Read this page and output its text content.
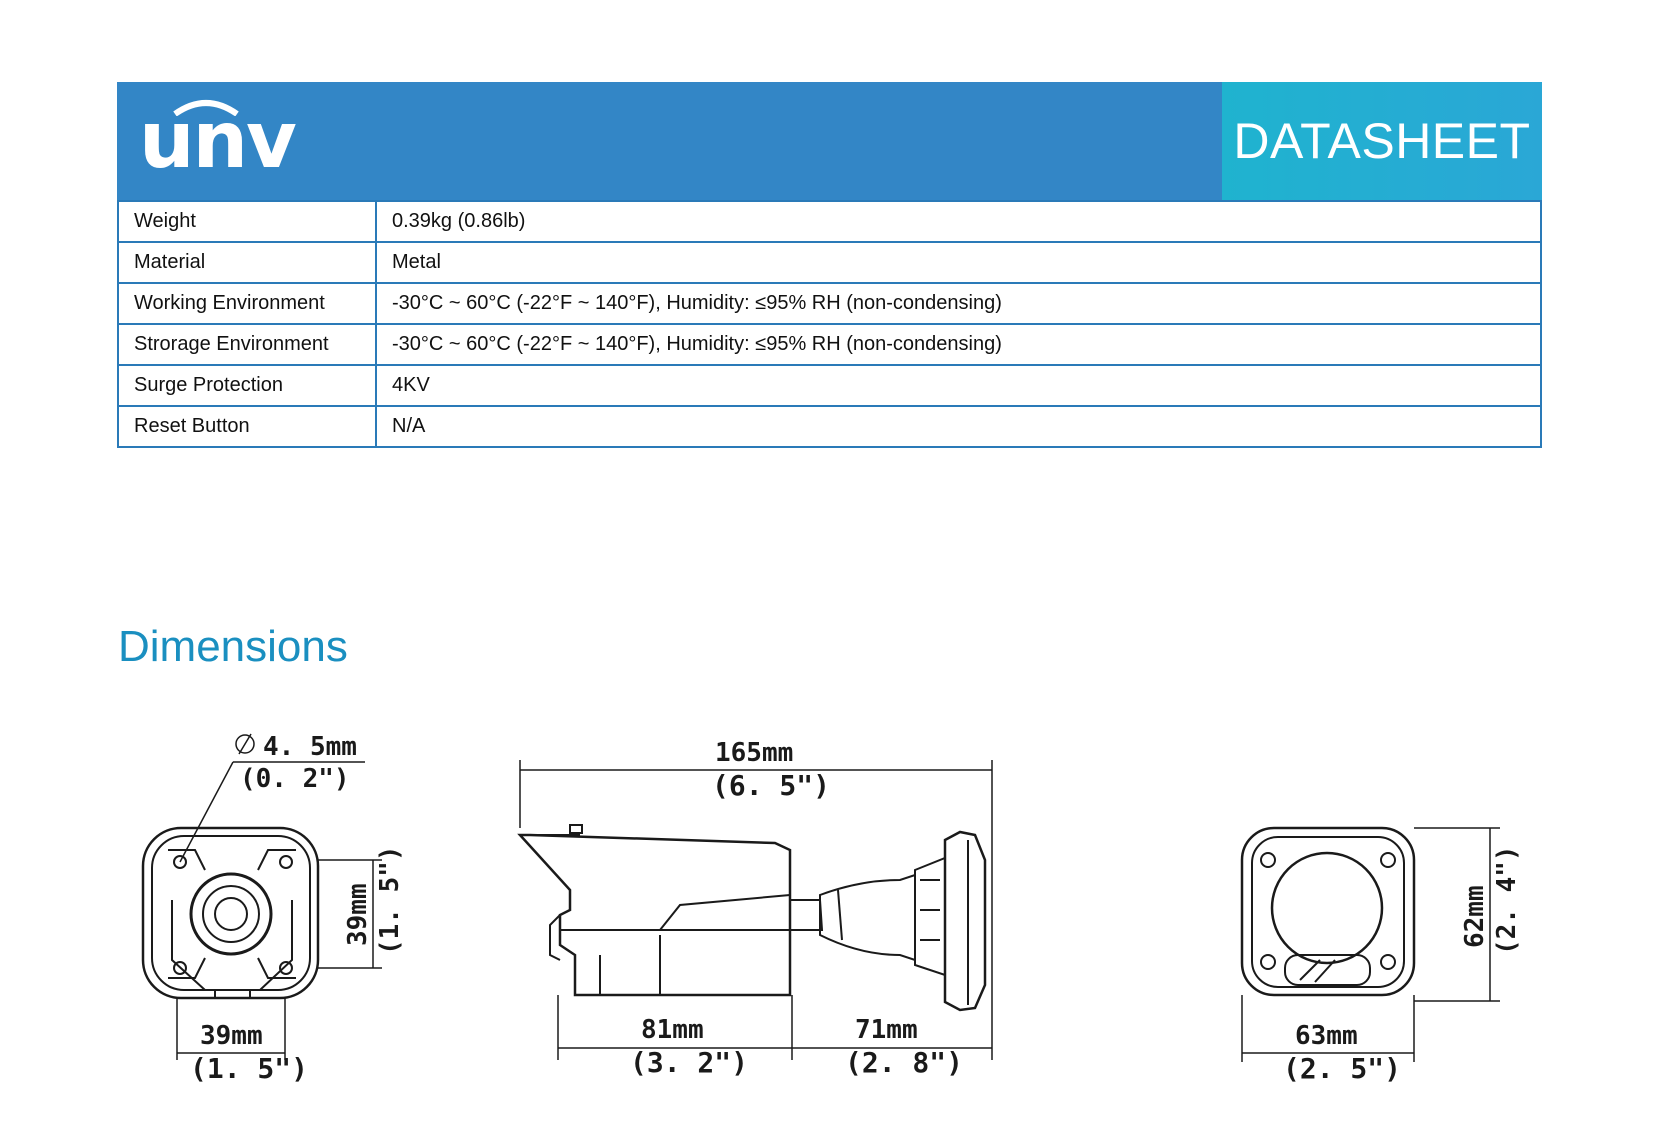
unv	DATASHEET
Weight	0.39kg (0.86lb)
Material	Metal
Working Environment	-30°C ~ 60°C (-22°F ~ 140°F), Humidity: ≤95% RH (non-condensing)
Strorage Environment	-30°C ~ 60°C (-22°F ~ 140°F), Humidity: ≤95% RH (non-condensing)
Surge Protection	4KV
Reset Button	N/A
Dimensions
4. 5mm
(0. 2")
39mm
(1. 5")
39mm (1. 5")
165mm
(6. 5")
81mm
(3. 2")
71mm
(2. 8")
63mm
(2. 5")
62mm (2. 4")
